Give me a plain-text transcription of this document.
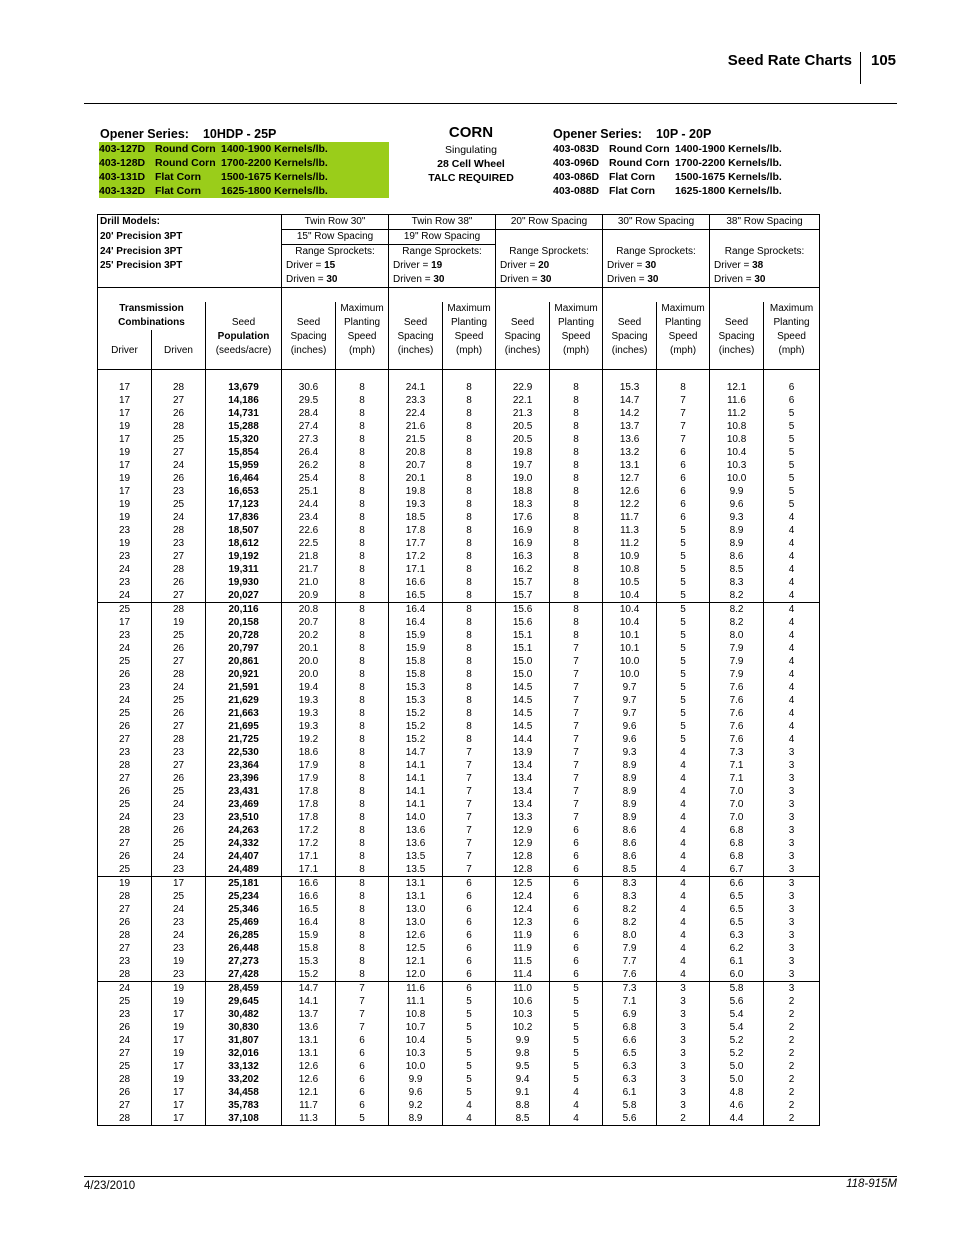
Seed Rate Charts 105
Opener Series: 10HDP - 25P
403-127D Round Corn 1400-1900 Kernels/lb.
403-128D Round Corn 1700-2200 Kernels/lb.
403-131D Flat Corn 1500-1675 Kernels/lb.
403-132D Flat Corn 1625-1800 Kernels/lb.
CORN
Singulating
28 Cell Wheel
TALC REQUIRED
Opener Series: 10P - 20P
403-083D Round Corn 1400-1900 Kernels/lb.
403-096D Round Corn 1700-2200 Kernels/lb.
403-086D Flat Corn 1500-1675 Kernels/lb.
403-088D Flat Corn 1625-1800 Kernels/lb.
Drill Models:			Twin Row 30"		Twin Row 38"		20" Row Spacing		30" Row Spacing		38" Row Spacing	
20' Precision 3PT			15" Row Spacing		19" Row Spacing							
24' Precision 3PT			Range Sprockets:		Range Sprockets:		Range Sprockets:		Range Sprockets:		Range Sprockets:	
25' Precision 3PT			Driver = 15		Driver = 19		Driver = 20		Driver = 30		Driver = 38	
			Driven = 30		Driven = 30		Driven = 30		Driven = 30		Driven = 30	

Transmission				Maximum		Maximum		Maximum		Maximum		Maximum
Combinations		Seed	Seed	Planting	Seed	Planting	Seed	Planting	Seed	Planting	Seed	Planting
		Population	Spacing	Speed	Spacing	Speed	Spacing	Speed	Spacing	Speed	Spacing	Speed
Driver	Driven	(seeds/acre)	(inches)	(mph)	(inches)	(mph)	(inches)	(mph)	(inches)	(mph)	(inches)	(mph)

17	28	13,679	30.6	8	24.1	8	22.9	8	15.3	8	12.1	6
17	27	14,186	29.5	8	23.3	8	22.1	8	14.7	7	11.6	6
17	26	14,731	28.4	8	22.4	8	21.3	8	14.2	7	11.2	5
19	28	15,288	27.4	8	21.6	8	20.5	8	13.7	7	10.8	5
17	25	15,320	27.3	8	21.5	8	20.5	8	13.6	7	10.8	5
19	27	15,854	26.4	8	20.8	8	19.8	8	13.2	6	10.4	5
17	24	15,959	26.2	8	20.7	8	19.7	8	13.1	6	10.3	5
19	26	16,464	25.4	8	20.1	8	19.0	8	12.7	6	10.0	5
17	23	16,653	25.1	8	19.8	8	18.8	8	12.6	6	9.9	5
19	25	17,123	24.4	8	19.3	8	18.3	8	12.2	6	9.6	5
19	24	17,836	23.4	8	18.5	8	17.6	8	11.7	6	9.3	4
23	28	18,507	22.6	8	17.8	8	16.9	8	11.3	5	8.9	4
19	23	18,612	22.5	8	17.7	8	16.9	8	11.2	5	8.9	4
23	27	19,192	21.8	8	17.2	8	16.3	8	10.9	5	8.6	4
24	28	19,311	21.7	8	17.1	8	16.2	8	10.8	5	8.5	4
23	26	19,930	21.0	8	16.6	8	15.7	8	10.5	5	8.3	4
24	27	20,027	20.9	8	16.5	8	15.7	8	10.4	5	8.2	4
25	28	20,116	20.8	8	16.4	8	15.6	8	10.4	5	8.2	4
17	19	20,158	20.7	8	16.4	8	15.6	8	10.4	5	8.2	4
23	25	20,728	20.2	8	15.9	8	15.1	8	10.1	5	8.0	4
24	26	20,797	20.1	8	15.9	8	15.1	7	10.1	5	7.9	4
25	27	20,861	20.0	8	15.8	8	15.0	7	10.0	5	7.9	4
26	28	20,921	20.0	8	15.8	8	15.0	7	10.0	5	7.9	4
23	24	21,591	19.4	8	15.3	8	14.5	7	9.7	5	7.6	4
24	25	21,629	19.3	8	15.3	8	14.5	7	9.7	5	7.6	4
25	26	21,663	19.3	8	15.2	8	14.5	7	9.7	5	7.6	4
26	27	21,695	19.3	8	15.2	8	14.5	7	9.6	5	7.6	4
27	28	21,725	19.2	8	15.2	8	14.4	7	9.6	5	7.6	4
23	23	22,530	18.6	8	14.7	7	13.9	7	9.3	4	7.3	3
28	27	23,364	17.9	8	14.1	7	13.4	7	8.9	4	7.1	3
27	26	23,396	17.9	8	14.1	7	13.4	7	8.9	4	7.1	3
26	25	23,431	17.8	8	14.1	7	13.4	7	8.9	4	7.0	3
25	24	23,469	17.8	8	14.1	7	13.4	7	8.9	4	7.0	3
24	23	23,510	17.8	8	14.0	7	13.3	7	8.9	4	7.0	3
28	26	24,263	17.2	8	13.6	7	12.9	6	8.6	4	6.8	3
27	25	24,332	17.2	8	13.6	7	12.9	6	8.6	4	6.8	3
26	24	24,407	17.1	8	13.5	7	12.8	6	8.6	4	6.8	3
25	23	24,489	17.1	8	13.5	7	12.8	6	8.5	4	6.7	3
19	17	25,181	16.6	8	13.1	6	12.5	6	8.3	4	6.6	3
28	25	25,234	16.6	8	13.1	6	12.4	6	8.3	4	6.5	3
27	24	25,346	16.5	8	13.0	6	12.4	6	8.2	4	6.5	3
26	23	25,469	16.4	8	13.0	6	12.3	6	8.2	4	6.5	3
28	24	26,285	15.9	8	12.6	6	11.9	6	8.0	4	6.3	3
27	23	26,448	15.8	8	12.5	6	11.9	6	7.9	4	6.2	3
23	19	27,273	15.3	8	12.1	6	11.5	6	7.7	4	6.1	3
28	23	27,428	15.2	8	12.0	6	11.4	6	7.6	4	6.0	3
24	19	28,459	14.7	7	11.6	6	11.0	5	7.3	3	5.8	3
25	19	29,645	14.1	7	11.1	5	10.6	5	7.1	3	5.6	2
23	17	30,482	13.7	7	10.8	5	10.3	5	6.9	3	5.4	2
26	19	30,830	13.6	7	10.7	5	10.2	5	6.8	3	5.4	2
24	17	31,807	13.1	6	10.4	5	9.9	5	6.6	3	5.2	2
27	19	32,016	13.1	6	10.3	5	9.8	5	6.5	3	5.2	2
25	17	33,132	12.6	6	10.0	5	9.5	5	6.3	3	5.0	2
28	19	33,202	12.6	6	9.9	5	9.4	5	6.3	3	5.0	2
26	17	34,458	12.1	6	9.6	5	9.1	4	6.1	3	4.8	2
27	17	35,783	11.7	6	9.2	4	8.8	4	5.8	3	4.6	2
28	17	37,108	11.3	5	8.9	4	8.5	4	5.6	2	4.4	2
4/23/2010	118-915M
